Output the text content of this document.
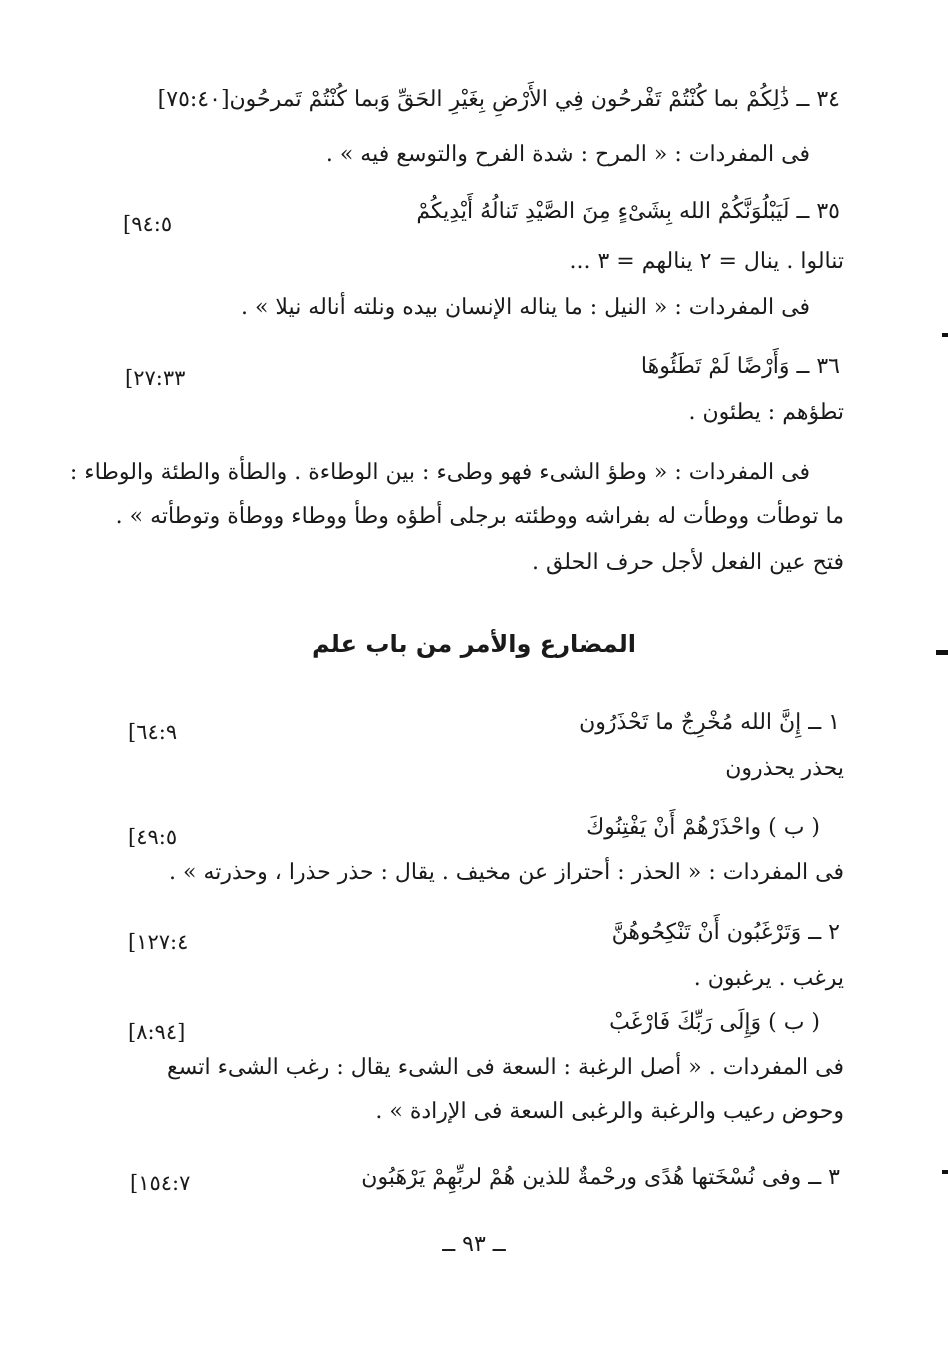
٣٤ ــ ذَٰلِكُمْ بما كُنْتُمْ تَفْرحُون فِي الأَرْضِ بِغَيْرِ الحَقِّ وَبما كُنْتُمْ تَمرحُون[٧٥:٤٠]
فى المفردات : « المرح : شدة الفرح والتوسع فيه » .
٣٥ ــ لَيَبْلُوَنَّكُمْ الله بِشَىْءٍ مِنَ الصَّيْدِ تَنالُهُ أَيْدِيكُمْ
[٩٤:٥
تنالوا . ينال = ٢ ينالهم = ٣ ...
فى المفردات : « النيل : ما يناله الإنسان بيده ونلته أناله نيلا » .
٣٦ ــ وَأَرْضًا لَمْ تَطَئُوهَا
[٢٧:٣٣
تطؤهم : يطئون .
فى المفردات : « وطؤ الشىء فهو وطىء : بين الوطاءة . والطأة والطئة والوطاء :
ما توطأت ووطأت له بفراشه ووطئته برجلى أطؤه وطأ ووطاء ووطأة وتوطأته » .
فتح عين الفعل لأجل حرف الحلق .
المضارع والأمر من باب علم
١ ــ إِنَّ الله مُخْرِجٌ ما تَحْذَرُون
[٦٤:٩
يحذر يحذرون
( ب ) واحْذَرْهُمْ أَنْ يَفْتِنُوكَ
[٤٩:٥
فى المفردات : « الحذر : أحتراز عن مخيف . يقال : حذر حذرا ، وحذرته » .
٢ ــ وَتَرْغَبُون أَنْ تَنْكِحُوهُنَّ
[١٢٧:٤
يرغب . يرغبون .
( ب ) وَإِلَى رَبِّكَ فَارْغَبْ
[٨:٩٤]
فى المفردات . « أصل الرغبة : السعة فى الشىء يقال : رغب الشىء اتسع
وحوض رعيب والرغبة والرغبى السعة فى الإرادة » .
٣ ــ وفى نُسْخَتها هُدًى ورحْمةٌ للذين هُمْ لربِّهِمْ يَرْهَبُون
[١٥٤:٧
ــ ٩٣ ــ
